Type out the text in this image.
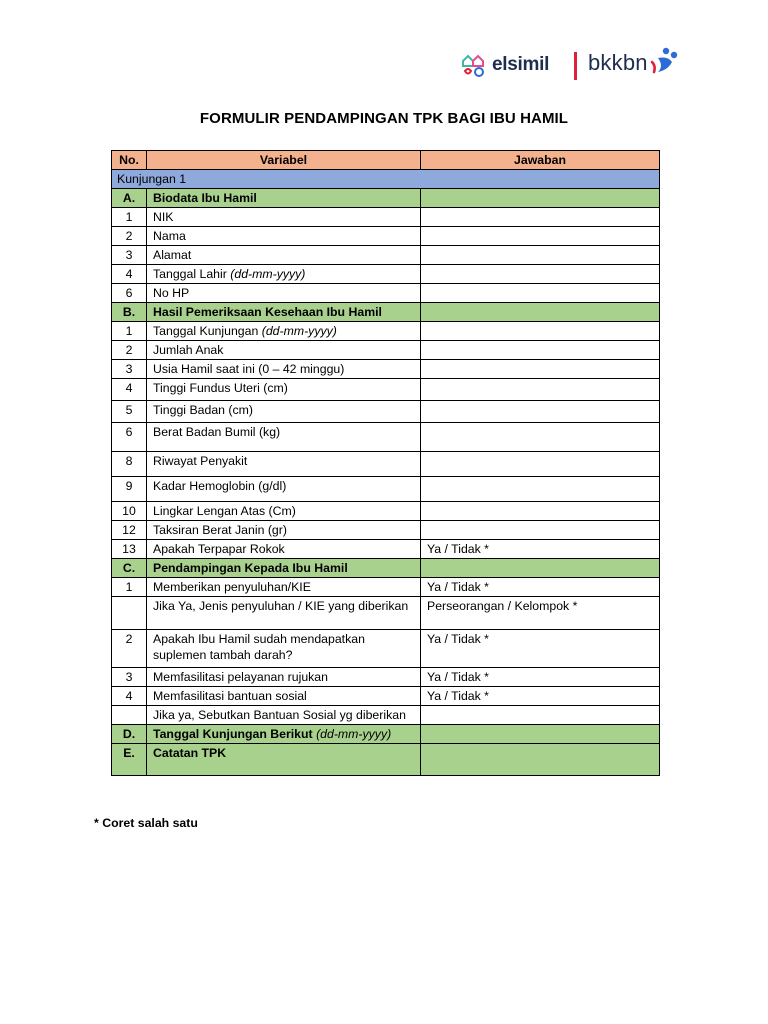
elsimil bkkbn
FORMULIR PENDAMPINGAN TPK BAGI IBU HAMIL
No.	Variabel	Jawaban
Kunjungan 1		
A.	Biodata Ibu Hamil	
1	NIK	
2	Nama	
3	Alamat	
4	Tanggal Lahir (dd-mm-yyyy)	
6	No HP	
B.	Hasil Pemeriksaan Kesehaan Ibu Hamil	
1	Tanggal Kunjungan (dd-mm-yyyy)	
2	Jumlah Anak	
3	Usia Hamil saat ini (0 – 42 minggu)	
4	Tinggi Fundus Uteri (cm)	
5	Tinggi Badan (cm)	
6	Berat Badan Bumil (kg)	
8	Riwayat Penyakit	
9	Kadar Hemoglobin (g/dl)	
10	Lingkar Lengan Atas (Cm)	
12	Taksiran Berat Janin (gr)	
13	Apakah Terpapar Rokok	Ya / Tidak *
C.	Pendampingan Kepada Ibu Hamil	
1	Memberikan penyuluhan/KIE	Ya / Tidak *
	Jika Ya, Jenis penyuluhan / KIE yang diberikan	Perseorangan / Kelompok *
2	Apakah Ibu Hamil sudah mendapatkan suplemen tambah darah?	Ya / Tidak *
3	Memfasilitasi pelayanan rujukan	Ya / Tidak *
4	Memfasilitasi bantuan sosial	Ya / Tidak *
	Jika ya, Sebutkan Bantuan Sosial yg diberikan	
D.	Tanggal Kunjungan Berikut (dd-mm-yyyy)	
E.	Catatan TPK	
* Coret salah satu
